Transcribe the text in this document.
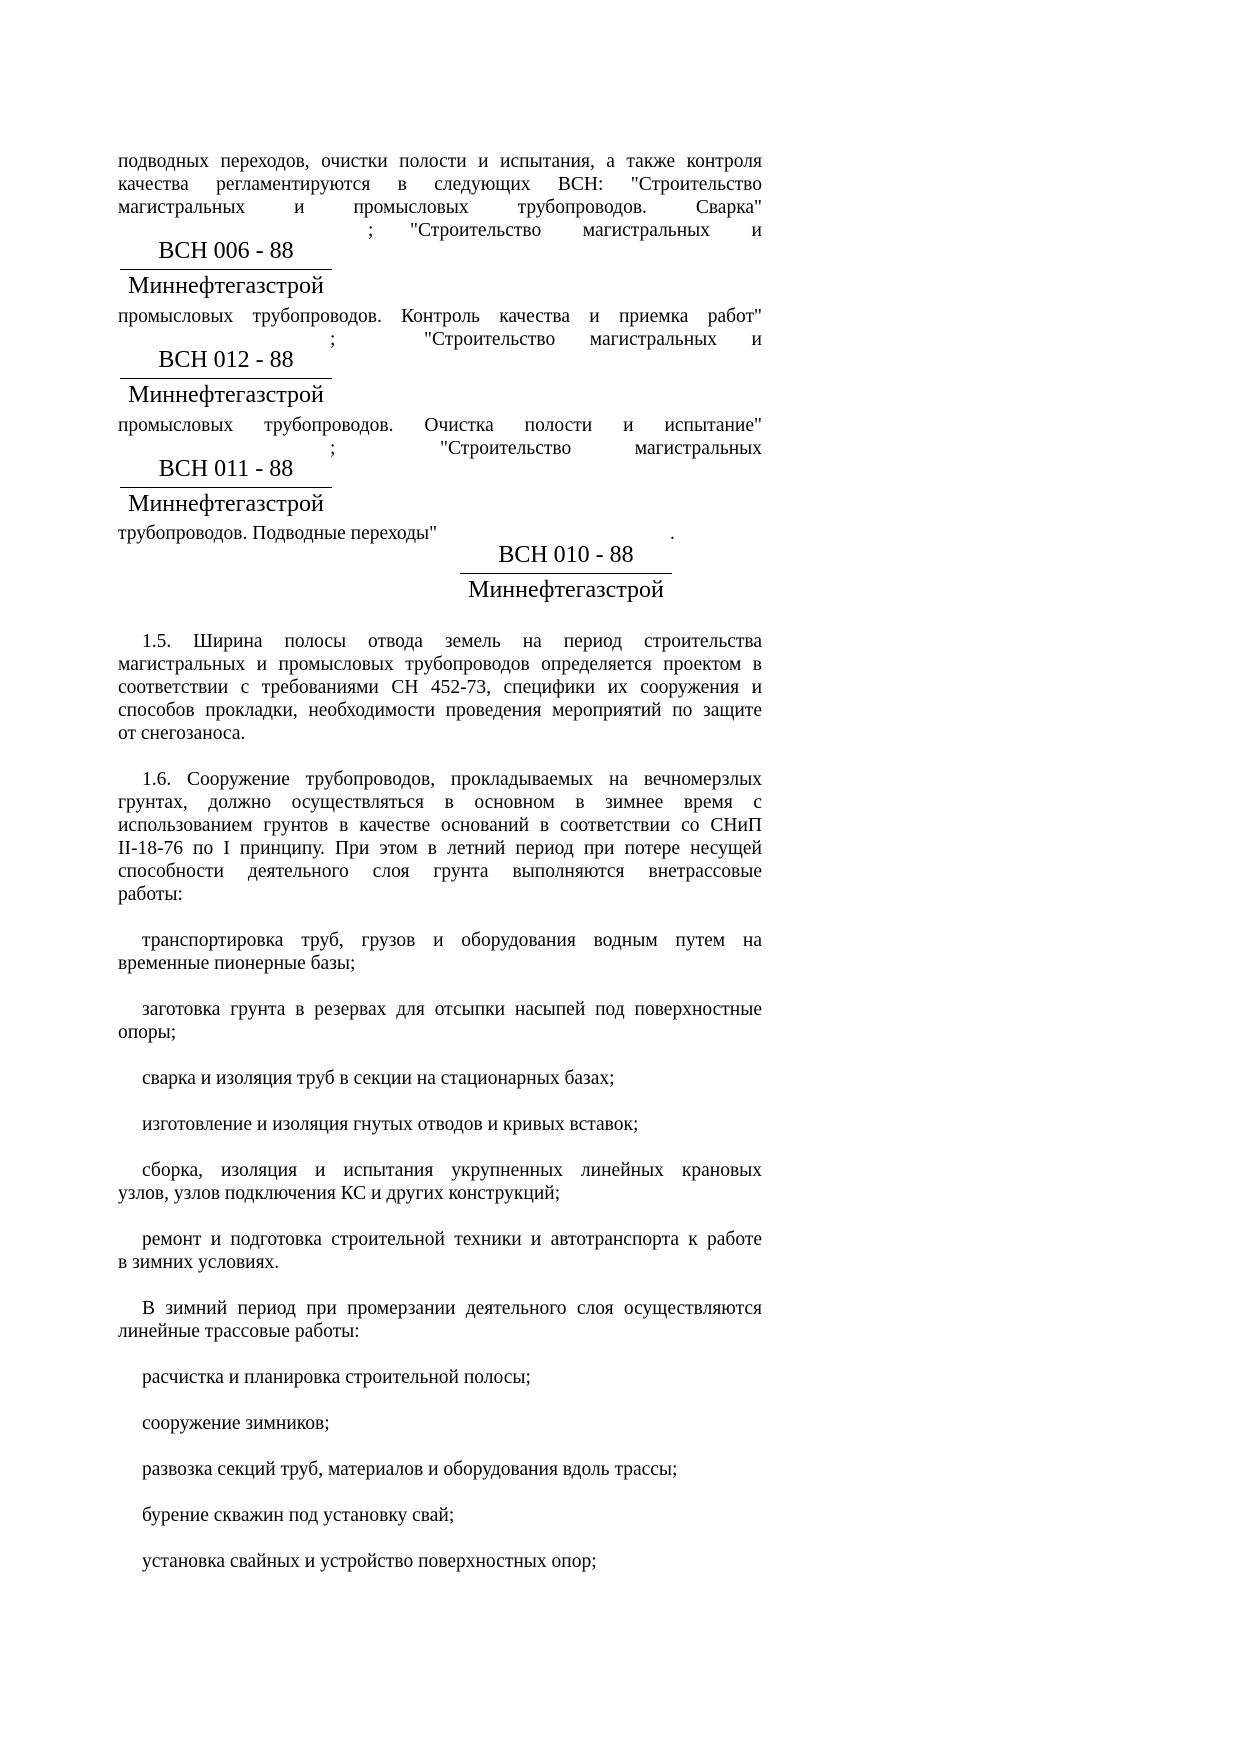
подводных переходов, очистки полости и испытания, а также контроля
качества регламентируются в следующих ВСН: "Строительство
магистральных и промысловых трубопроводов. Сварка"
; "Строительство магистральных и
ВСН 006 - 88
Миннефтегазстрой
промысловых трубопроводов. Контроль качества и приемка работ"
;	"Строительство магистральных и
ВСН 012 - 88
Миннефтегазстрой
промысловых трубопроводов. Очистка полости и испытание"
;	"Строительство магистральных
ВСН 011 - 88
Миннефтегазстрой
трубопроводов. Подводные переходы"	.
ВСН 010 - 88
Миннефтегазстрой
1.5. Ширина полосы отвода земель на период строительства
магистральных и промысловых трубопроводов определяется проектом в
соответствии с требованиями СН 452-73, специфики их сооружения и
способов прокладки, необходимости проведения мероприятий по защите
от снегозаноса.
1.6. Сооружение трубопроводов, прокладываемых на вечномерзлых
грунтах, должно осуществляться в основном в зимнее время с
использованием грунтов в качестве оснований в соответствии со СНиП
II-18-76 по I принципу. При этом в летний период при потере несущей
способности деятельного слоя грунта выполняются внетрассовые
работы:
транспортировка труб, грузов и оборудования водным путем на
временные пионерные базы;
заготовка грунта в резервах для отсыпки насыпей под поверхностные
опоры;
сварка и изоляция труб в секции на стационарных базах;
изготовление и изоляция гнутых отводов и кривых вставок;
сборка, изоляция и испытания укрупненных линейных крановых
узлов, узлов подключения КС и других конструкций;
ремонт и подготовка строительной техники и автотранспорта к работе
в зимних условиях.
В зимний период при промерзании деятельного слоя осуществляются
линейные трассовые работы:
расчистка и планировка строительной полосы;
сооружение зимников;
развозка секций труб, материалов и оборудования вдоль трассы;
бурение скважин под установку свай;
установка свайных и устройство поверхностных опор;
